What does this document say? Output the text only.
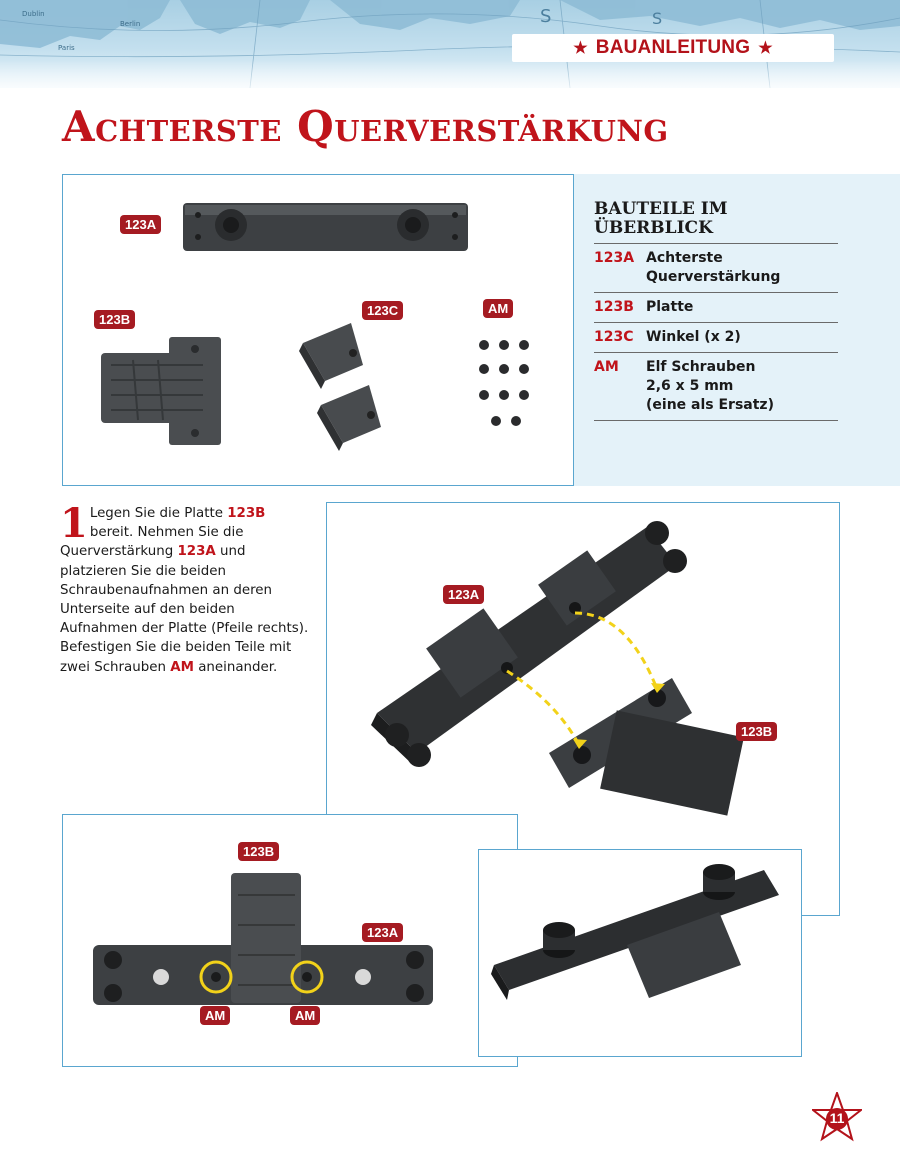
S	S
Dublin
Paris
Berlin
★ BAUANLEITUNG ★
Achterste Querverstärkung
123A
123B
123C	AM
BAUTEILE IM ÜBERBLICK
123A Achterste
Querverstärkung
123B Platte
123C Winkel (x 2)
AM	Elf Schrauben
2,6 x 5 mm
(eine als Ersatz)
1 Legen Sie die Platte 123B bereit. Nehmen Sie die Querverstärkung 123A und platzieren Sie die beiden Schraubenaufnahmen an deren Unterseite auf den beiden Aufnahmen der Platte (Pfeile rechts). Befestigen Sie die beiden Teile mit zwei Schrauben AM aneinander.

123A
123B
123B
123A
AM	AM
11
